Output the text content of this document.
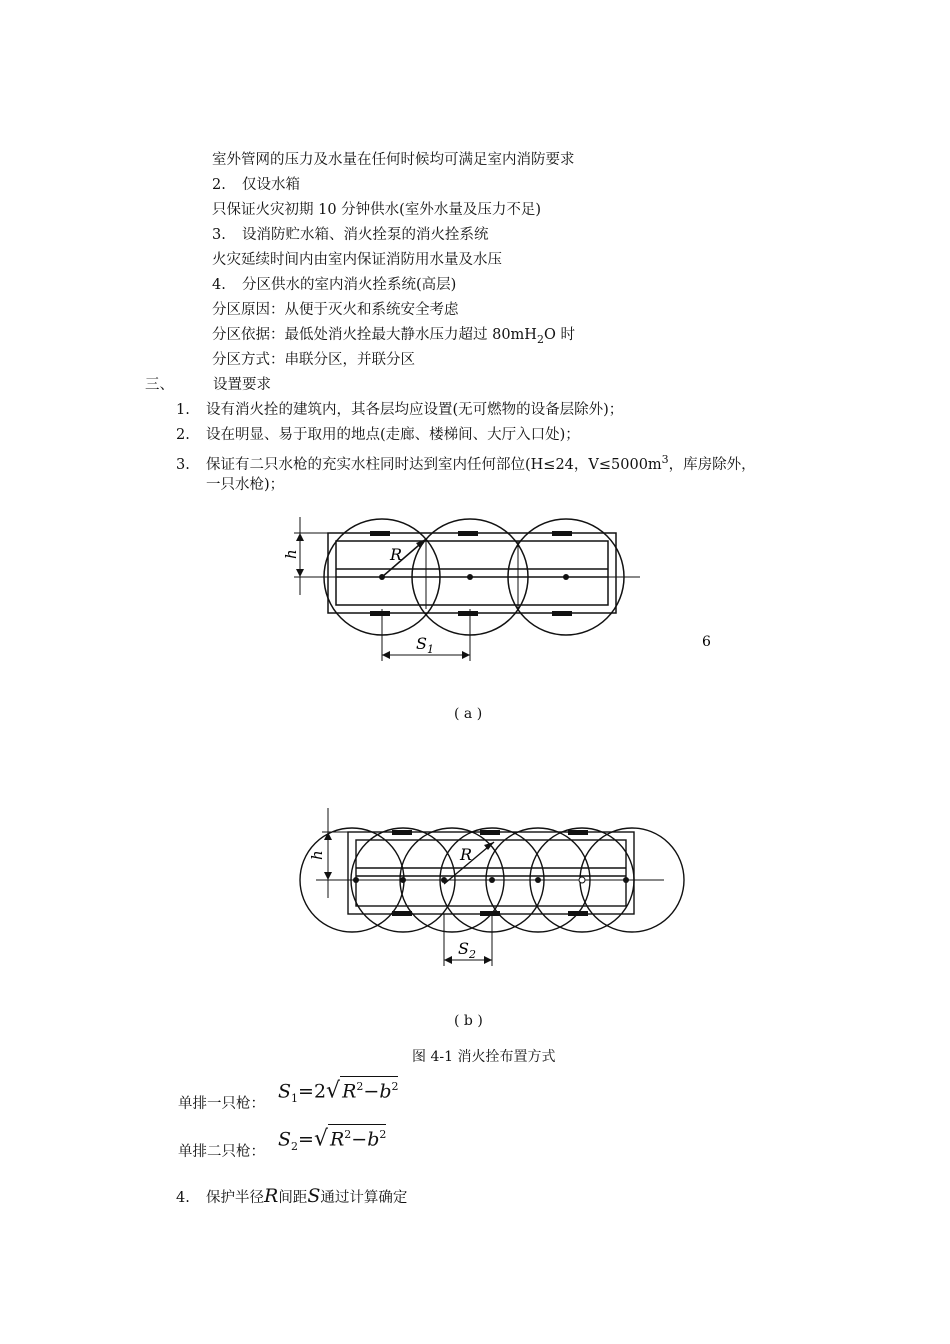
室外管网的压力及水量在任何时候均可满足室内消防要求
2. 仅设水箱
只保证火灾初期 10 分钟供水(室外水量及压力不足)
3. 设消防贮水箱、消火拴泵的消火拴系统
火灾延续时间内由室内保证消防用水量及水压
4. 分区供水的室内消火拴系统(高层)
分区原因：从便于灭火和系统安全考虑
分区依据：最低处消火拴最大静水压力超过 $80mH_2O$ 时
分区方式：串联分区，并联分区
三、	设置要求
1. 设有消火拴的建筑内，其各层均应设置(无可燃物的设备层除外)；
2. 设在明显、易于取用的地点(走廊、楼梯间、大厅入口处)；
3. 保证有二只水枪的充实水柱同时达到室内任何部位(H≤24，$V\le 5000m^3$，库房除外，
一只水枪)；
h	R
$S_1$	6
( a )
h	R
$S_2$
( b )
图 4-1 消火拴布置方式
单排一只枪：
$S_1=2√$ $R^2-b^2$
单排二只枪：
$S_2=√$ $R^2-b^2$
4. 保护半径R间距S通过计算确定
